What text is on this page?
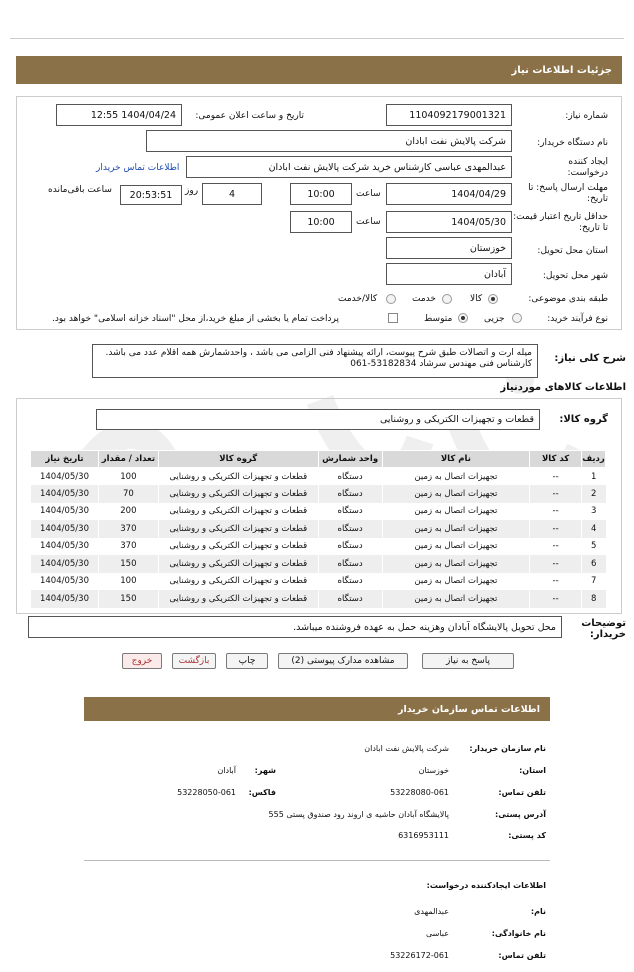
جزئیات اطلاعات نیاز
شماره نیاز:
1104092179001321
تاریخ و ساعت اعلان عمومی:
1404/04/24 12:55
نام دستگاه خریدار:
شرکت پالایش نفت ابادان
ایجاد کننده درخواست:
عبدالمهدی عباسی کارشناس خرید شرکت پالایش نفت ابادان
اطلاعات تماس خریدار
مهلت ارسال پاسخ: تا تاریخ:
1404/04/29
ساعت
10:00
4
روز
20:53:51
ساعت باقی‌مانده
حداقل تاریخ اعتبار قیمت: تا تاریخ:
1404/05/30
ساعت
10:00
استان محل تحویل:
خوزستان
شهر محل تحویل:
آبادان
طبقه بندی موضوعی:
کالا
خدمت
کالا/خدمت
نوع فرآیند خرید:
جزیی
متوسط
پرداخت تمام یا بخشی از مبلغ خرید،از محل "اسناد خزانه اسلامی" خواهد بود.
شرح کلی نیاز:
میله ارت و اتصالات طبق شرح پیوست، ارائه پیشنهاد فنی الزامی می باشد ، واحدشمارش همه اقلام عدد می باشد. کارشناس فنی مهندس سرشاد 53182834-061
اطلاعات کالاهای موردنیاز
گروه کالا:
قطعات و تجهیزات الکتریکی و روشنایی
ردیف	کد کالا	نام کالا	واحد شمارش	گروه کالا	تعداد / مقدار	تاریخ نیاز
1	--	تجهیزات اتصال به زمین	دستگاه	قطعات و تجهیزات الکتریکی و روشنایی	100	1404/05/30
2	--	تجهیزات اتصال به زمین	دستگاه	قطعات و تجهیزات الکتریکی و روشنایی	70	1404/05/30
3	--	تجهیزات اتصال به زمین	دستگاه	قطعات و تجهیزات الکتریکی و روشنایی	200	1404/05/30
4	--	تجهیزات اتصال به زمین	دستگاه	قطعات و تجهیزات الکتریکی و روشنایی	370	1404/05/30
5	--	تجهیزات اتصال به زمین	دستگاه	قطعات و تجهیزات الکتریکی و روشنایی	370	1404/05/30
6	--	تجهیزات اتصال به زمین	دستگاه	قطعات و تجهیزات الکتریکی و روشنایی	150	1404/05/30
7	--	تجهیزات اتصال به زمین	دستگاه	قطعات و تجهیزات الکتریکی و روشنایی	100	1404/05/30
8	--	تجهیزات اتصال به زمین	دستگاه	قطعات و تجهیزات الکتریکی و روشنایی	150	1404/05/30
توضیحات خریدار:
محل تحویل پالایشگاه آبادان وهزینه حمل به عهده فروشنده میباشد.
پاسخ به نیاز
مشاهده مدارک پیوستی (2)
چاپ
بازگشت
خروج
اطلاعات تماس سازمان خریدار
نام سازمان خریدار:
شرکت پالایش نفت ابادان
استان:
خوزستان
شهر:
آبادان
تلفن تماس:
53228080-061
فاکس:
53228050-061
آدرس پستی:
پالایشگاه آبادان حاشیه ی اروند رود صندوق پستی 555
کد پستی:
6316953111
اطلاعات ایجادکننده درخواست:
نام:
عبدالمهدی
نام خانوادگی:
عباسی
تلفن تماس:
53226172-061
